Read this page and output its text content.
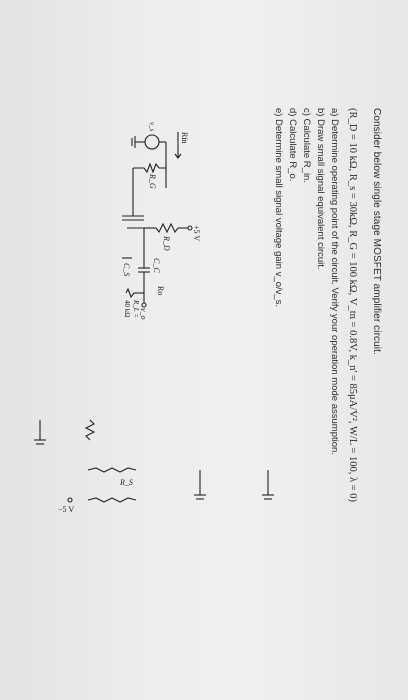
Consider below single stage MOSFET amplifier circuit.
(R_D = 10 kΩ, R_s = 30kΩ, R_G = 100 kΩ, V_tn = 0.8V, k_n' = 85μA/V², W/L = 100, λ = 0)
a) Determine operating point of the circuit. Verify your operation mode assumption.
b) Draw small signal equivalent circuit.
c) Calculate R_in.
d) Calculate R_o.
e) Determine small signal voltage gain v_o/v_s.
+5 V
R_D
C_C
Ro
v_o
R_L =
40 kΩ
C_S
R_G
Rin
v_s
R_S
−5 V
